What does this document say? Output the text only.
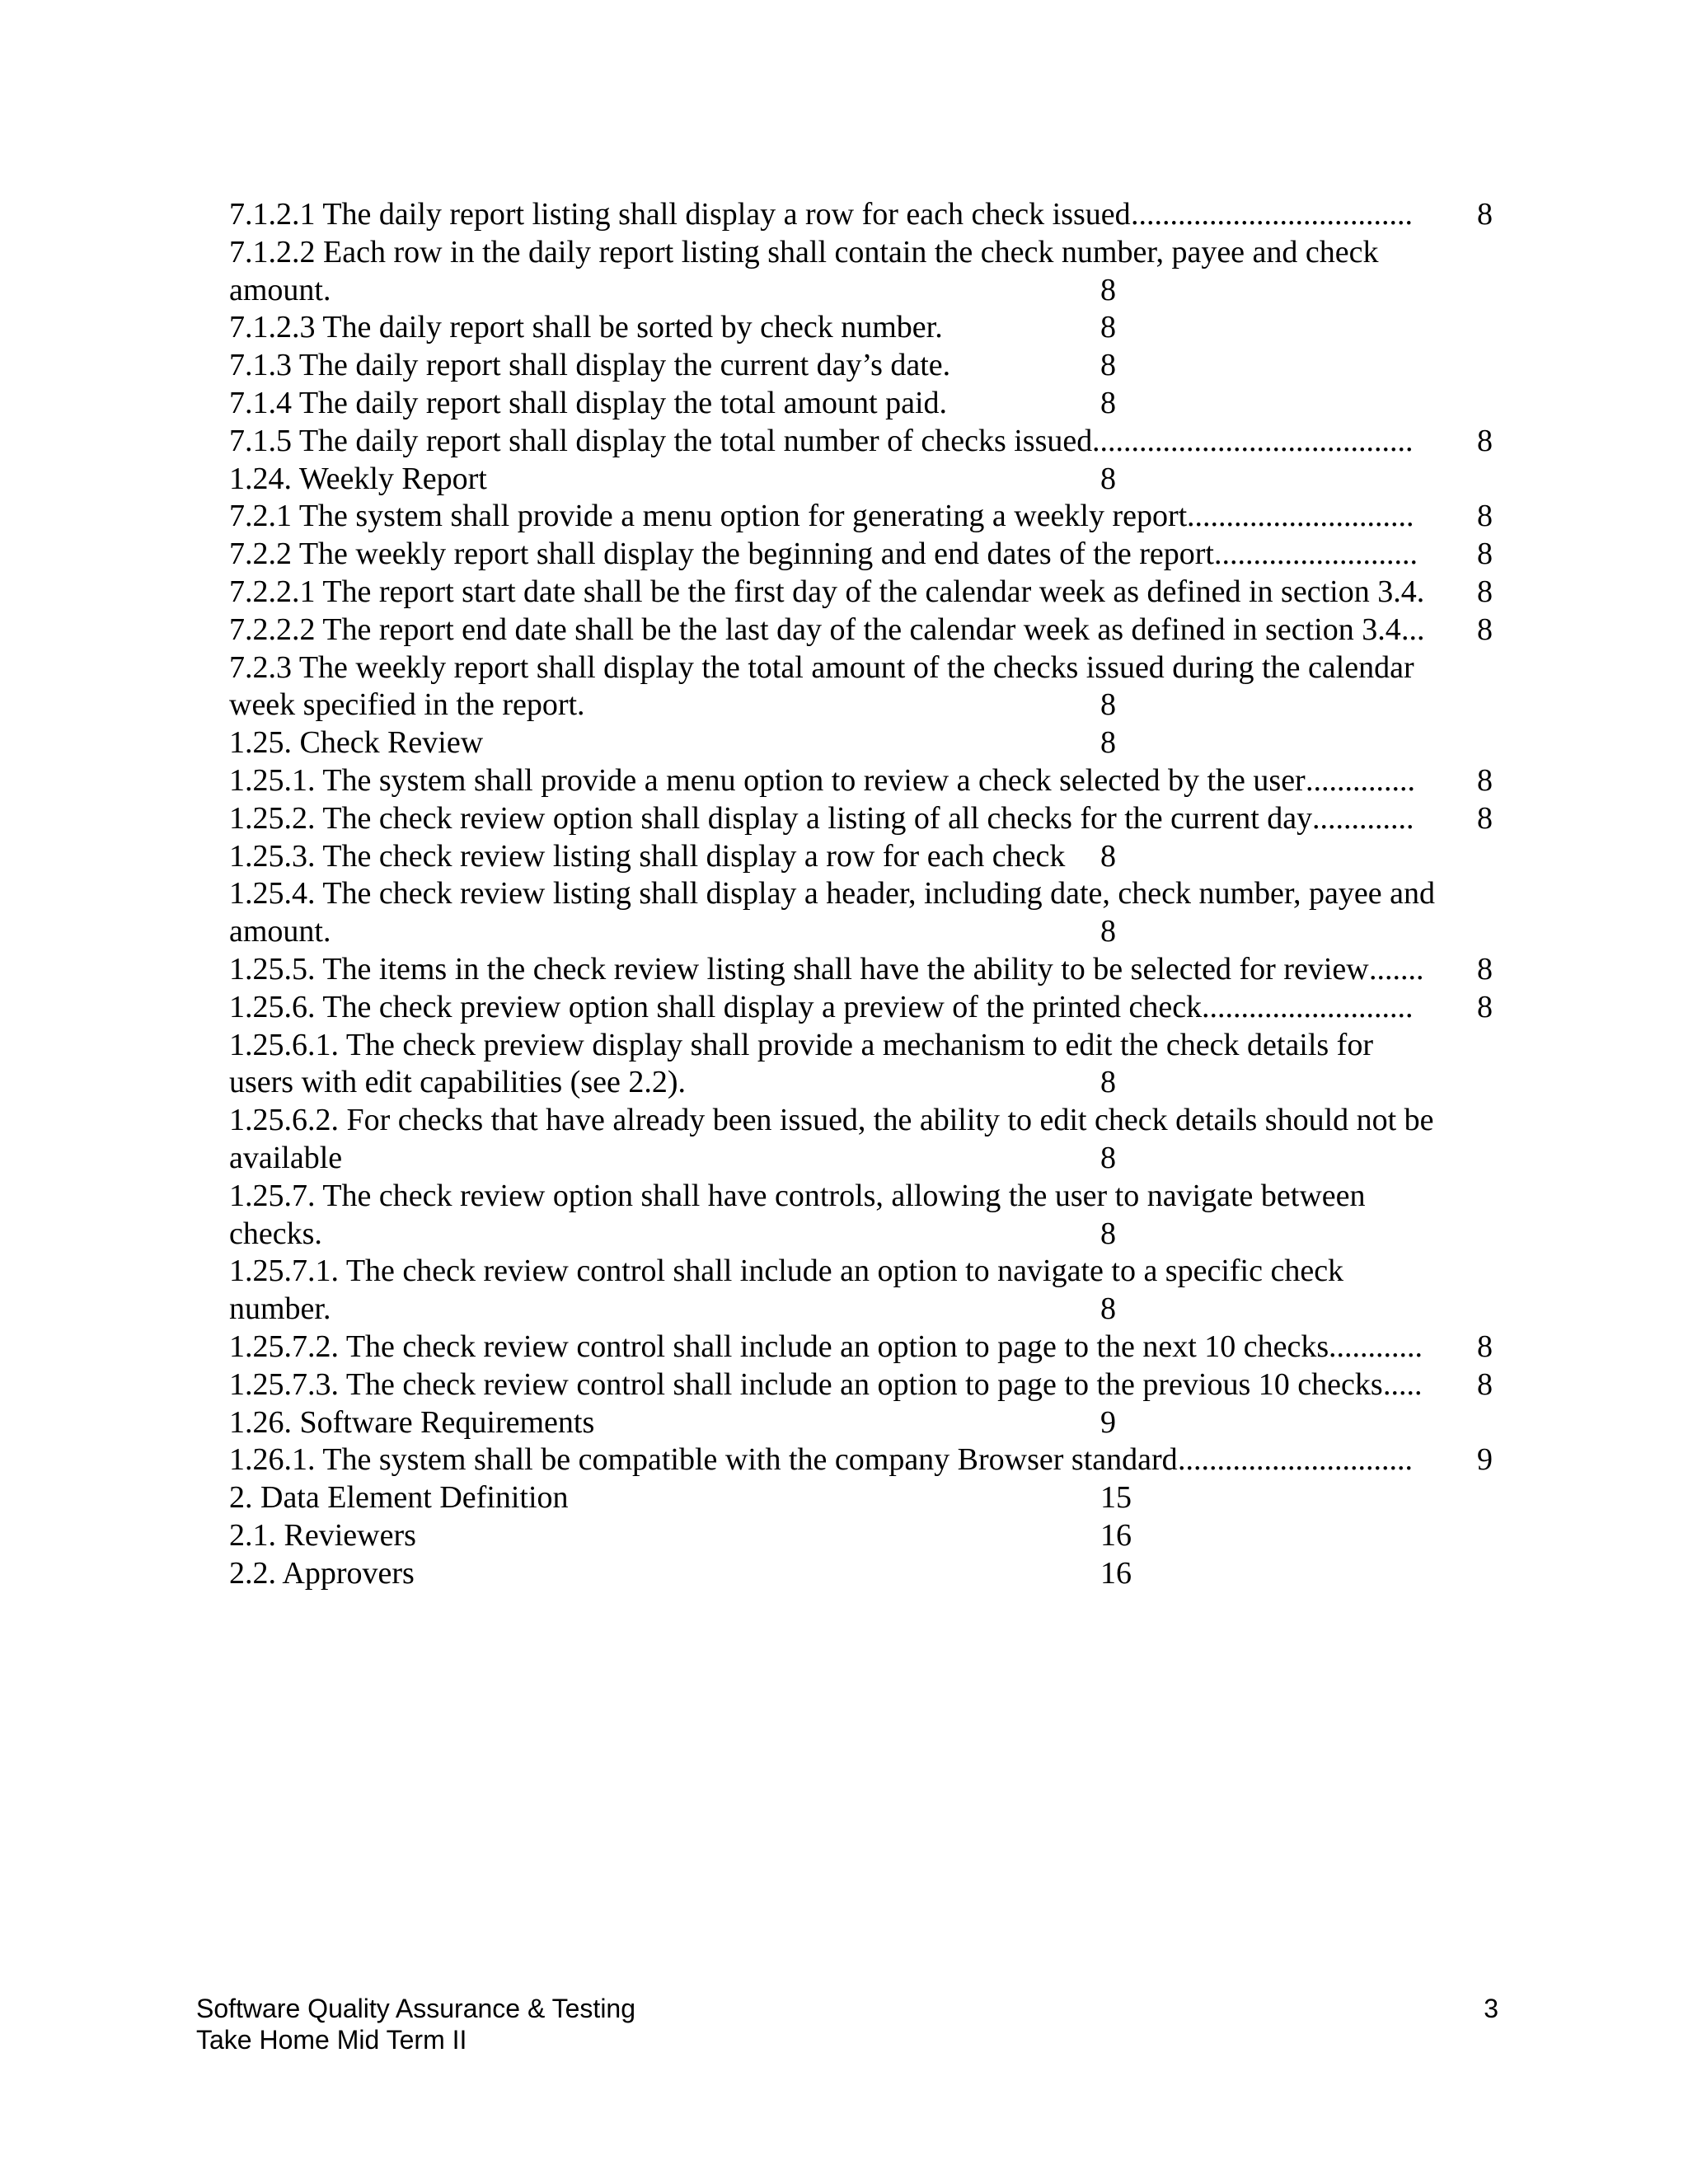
7.1.2.1 The daily report listing shall display a row for each check issued .................................... 8
7.1.2.2 Each row in the daily report listing shall contain the check number, payee and check
amount.	8
7.1.2.3 The daily report shall be sorted by check number.	8
7.1.3 The daily report shall display the current day’s date.	8
7.1.4 The daily report shall display the total amount paid.	8
7.1.5 The daily report shall display the total number of checks issued ......................................... 8
1.24. Weekly Report	8
7.2.1 The system shall provide a menu option for generating a weekly report ............................. 8
7.2.2 The weekly report shall display the beginning and end dates of the report .......................... 8
7.2.2.1 The report start date shall be the first day of the calendar week as defined in section 3.4. 8
7.2.2.2 The report end date shall be the last day of the calendar week as defined in section 3.4 ... 8
7.2.3 The weekly report shall display the total amount of the checks issued during the calendar
week specified in the report.	8
1.25. Check Review	8
1.25.1. The system shall provide a menu option to review a check selected by the user .............. 8
1.25.2. The check review option shall display a listing of all checks for the current day ............. 8
1.25.3. The check review listing shall display a row for each check 8
1.25.4. The check review listing shall display a header, including date, check number, payee and
amount.	8
1.25.5. The items in the check review listing shall have the ability to be selected for review ....... 8
1.25.6. The check preview option shall display a preview of the printed check ........................... 8
1.25.6.1. The check preview display shall provide a mechanism to edit the check details for
users with edit capabilities (see 2.2).	8
1.25.6.2. For checks that have already been issued, the ability to edit check details should not be
available	8
1.25.7. The check review option shall have controls, allowing the user to navigate between
checks.	8
1.25.7.1. The check review control shall include an option to navigate to a specific check
number.	8
1.25.7.2. The check review control shall include an option to page to the next 10 checks ............ 8
1.25.7.3. The check review control shall include an option to page to the previous 10 checks ..... 8
1.26. Software Requirements	9
1.26.1. The system shall be compatible with the company Browser standard .............................. 9
2. Data Element Definition	15
2.1. Reviewers	16
2.2. Approvers	16
Software Quality Assurance & Testing
Take Home Mid Term II
3
